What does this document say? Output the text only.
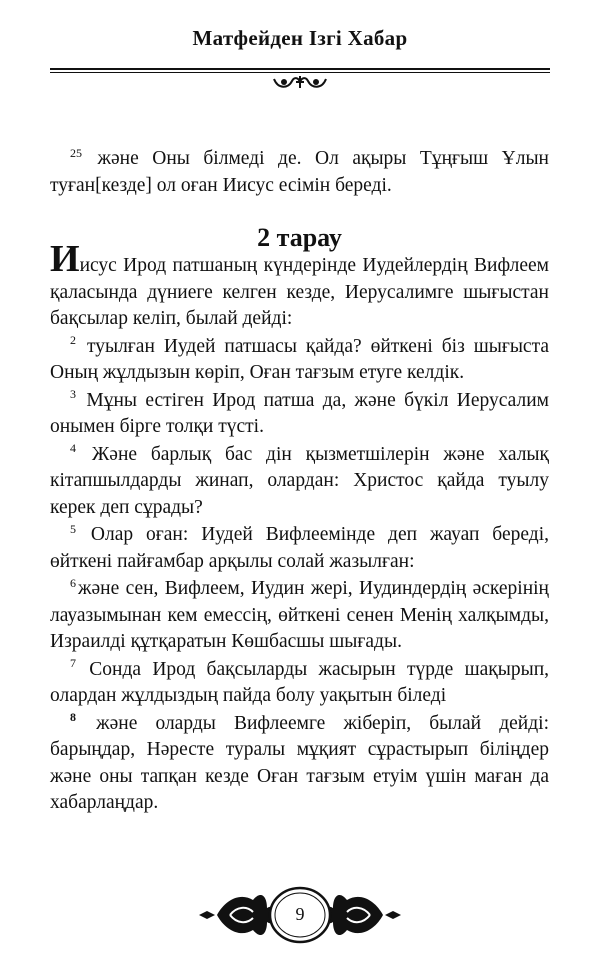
Матфейден Ізгі Хабар

$^{25}$ және Оны білмеді де. Ол ақыры Тұңғыш Ұлын туған[кезде] ол оған Иисус есімін береді.

2 тарау

Иисус Ирод патшаның күндерінде Иудейлердің Вифлеем қаласында дүниеге келген кезде, Иерусалимге шығыстан бақсылар келіп, былай дейді:

$^2$ туылған Иудей патшасы қайда? өйткені біз шығыста Оның жұлдызын көріп, Оған тағзым етуге келдік.

$^3$ Мұны естіген Ирод патша да, және бүкіл Иерусалим онымен бірге толқи түсті.

$^4$ Және барлық бас дін қызметшілерін және халық кітапшылдарды жинап, олардан: Христос қайда туылу керек деп сұрады?

$^5$ Олар оған: Иудей Вифлеемінде деп жауап береді, өйткені пайғамбар арқылы солай жазылған:

$^6$ және сен, Вифлеем, Иудин жері, Иудиндердің әскерінің лауазымынан кем емессің, өйткені сенен Менің халқымды, Израилді құтқаратын Көшбасшы шығады.

$^7$ Сонда Ирод бақсыларды жасырын түрде шақырып, олардан жұлдыздың пайда болу уақытын біледі

$^8$ және оларды Вифлеемге жіберіп, былай дейді: барыңдар, Нәресте туралы мұқият сұрастырып біліңдер және оны тапқан кезде Оған тағзым етуім үшін маған да хабарлаңдар.

9
